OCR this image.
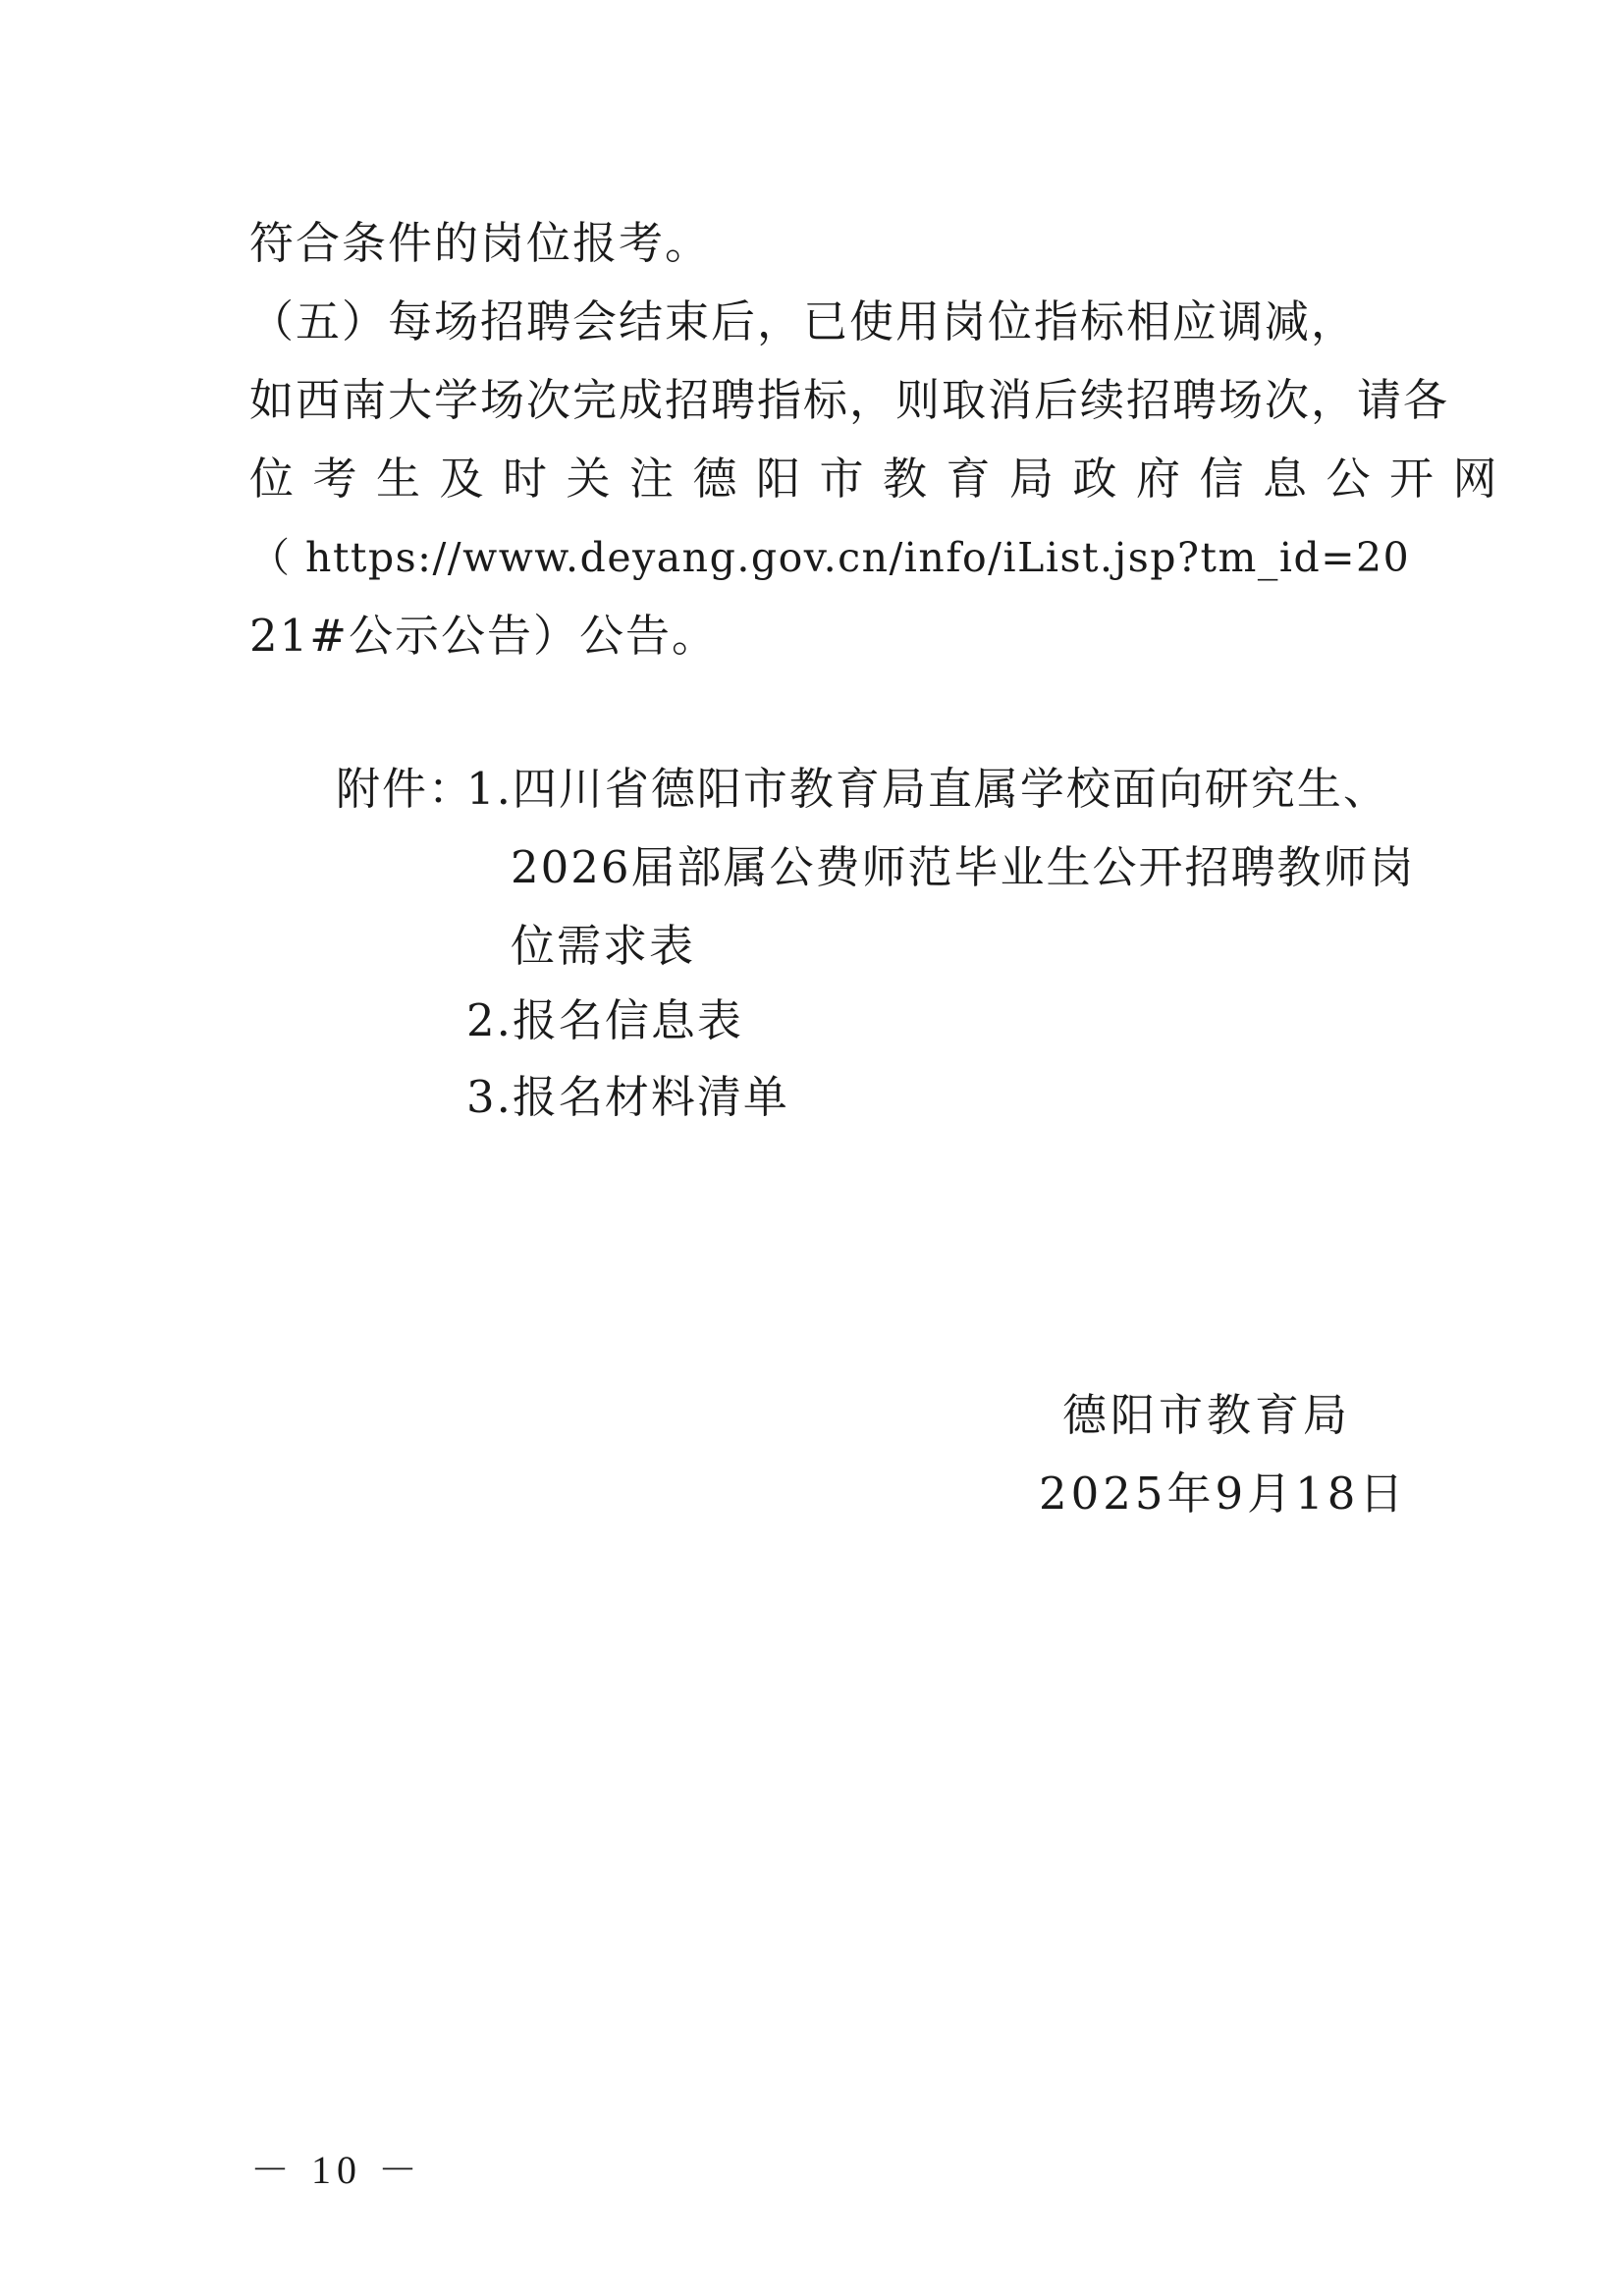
符合条件的岗位报考。
（五）每场招聘会结束后，已使用岗位指标相应调减，
如西南大学场次完成招聘指标，则取消后续招聘场次，请各
位考生及时关注德阳市教育局政府信息公开网
（ https://www.deyang.gov.cn/info/iList.jsp?tm_id=20
21#公示公告）公告。
附件：
1.四川省德阳市教育局直属学校面向研究生、
2026届部属公费师范毕业生公开招聘教师岗
位需求表
2.报名信息表
3.报名材料清单
德阳市教育局
2025年9月18日
－ 10 －
